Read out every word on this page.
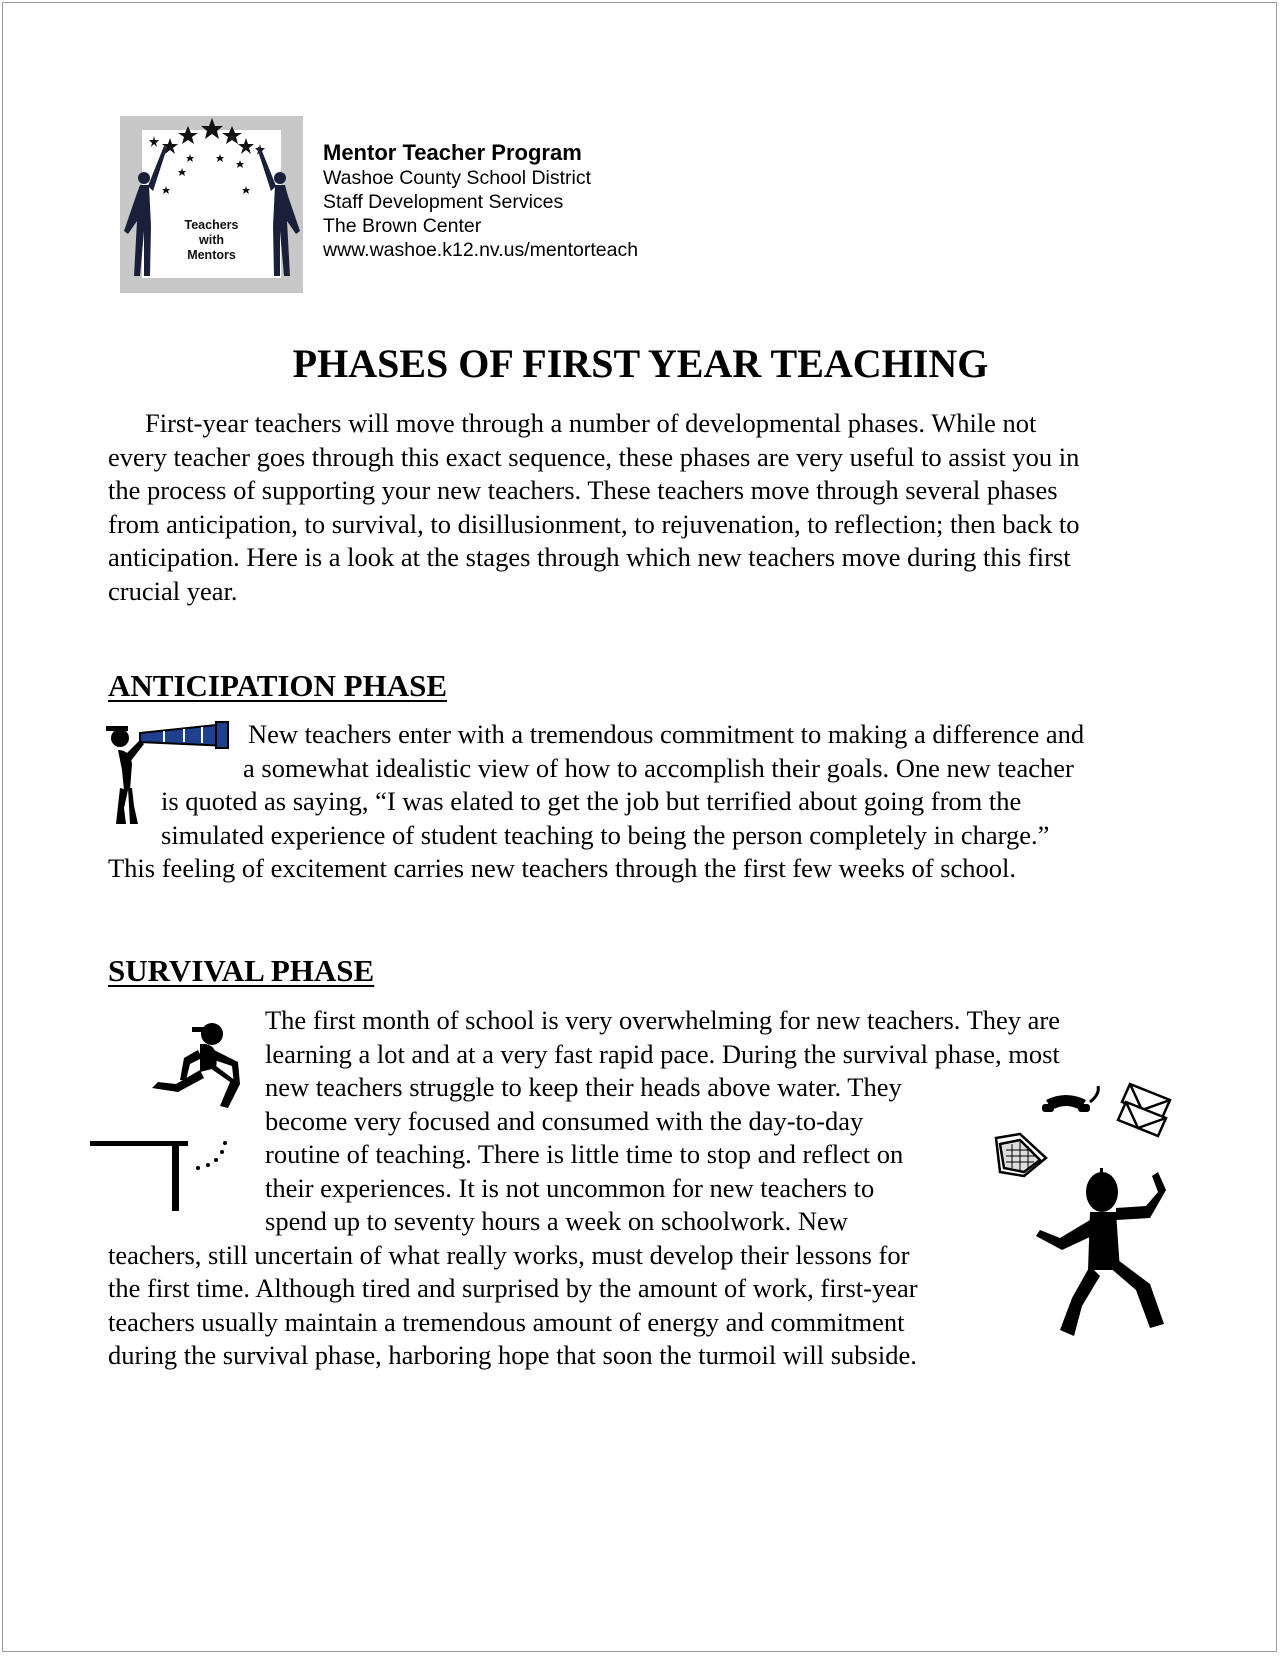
Teachers
with
Mentors
Mentor Teacher Program
Washoe County School District
Staff Development Services
The Brown Center
www.washoe.k12.nv.us/mentorteach
PHASES OF FIRST YEAR TEACHING
First-year teachers will move through a number of developmental phases. While not
every teacher goes through this exact sequence, these phases are very useful to assist you in
the process of supporting your new teachers. These teachers move through several phases
from anticipation, to survival, to disillusionment, to rejuvenation, to reflection; then back to
anticipation. Here is a look at the stages through which new teachers move during this first
crucial year.
ANTICIPATION PHASE
New teachers enter with a tremendous commitment to making a difference and
a somewhat idealistic view of how to accomplish their goals. One new teacher
is quoted as saying, “I was elated to get the job but terrified about going from the
simulated experience of student teaching to being the person completely in charge.”
This feeling of excitement carries new teachers through the first few weeks of school.
SURVIVAL PHASE
The first month of school is very overwhelming for new teachers. They are
learning a lot and at a very fast rapid pace. During the survival phase, most
new teachers struggle to keep their heads above water. They
become very focused and consumed with the day-to-day
routine of teaching. There is little time to stop and reflect on
their experiences. It is not uncommon for new teachers to
spend up to seventy hours a week on schoolwork. New
teachers, still uncertain of what really works, must develop their lessons for
the first time. Although tired and surprised by the amount of work, first-year
teachers usually maintain a tremendous amount of energy and commitment
during the survival phase, harboring hope that soon the turmoil will subside.
